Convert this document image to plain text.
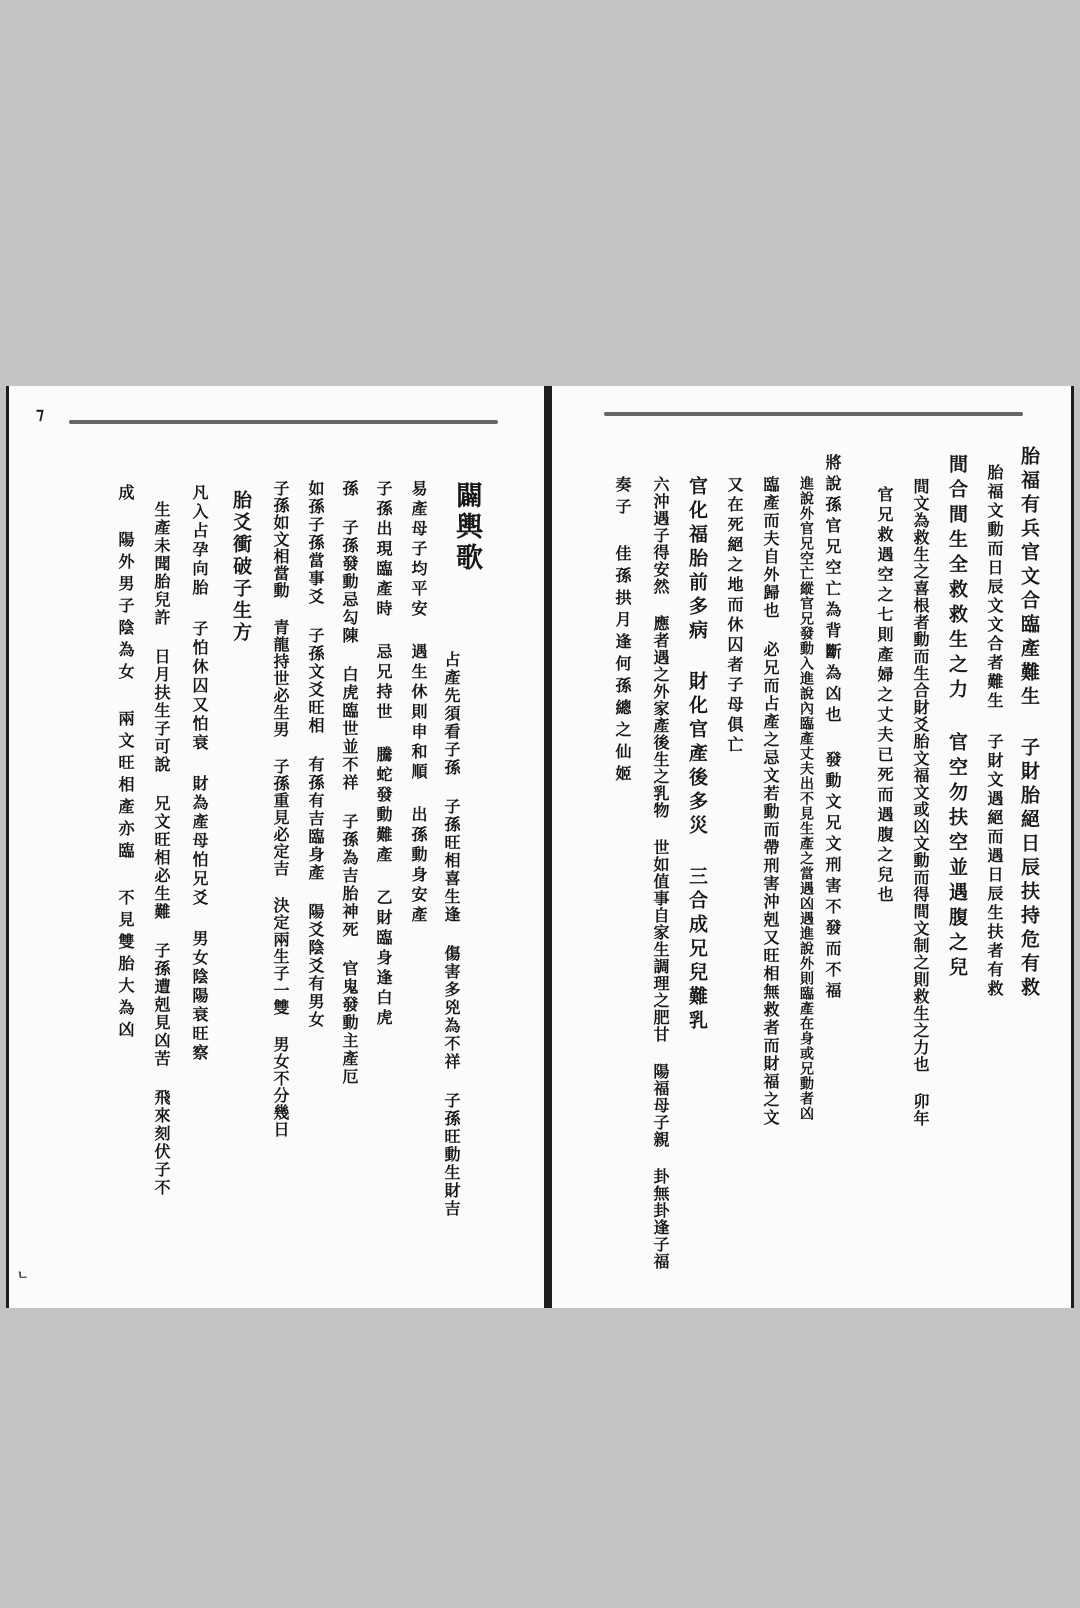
⁊
ㄴ
闢輿歌
占產先須看子孫 子孫旺相喜生逢 傷害多兇為不祥 子孫旺動生財吉
易產母子均平安 遇生休則申和順 出孫動身安產
子孫出現臨產時 忌兄持世 騰蛇發動難產 乙財臨身逢白虎
孫 子孫發動忌勾陳 白虎臨世並不祥 子孫為吉胎神死 官鬼發動主產厄
如孫子孫當事爻 子孫文爻旺相 有孫有吉臨身產 陽爻陰爻有男女
子孫如文相當動 青龍持世必生男 子孫重見必定吉 決定兩生子一雙 男女不分幾日
胎爻衝破子生方
凡入占孕向胎 子怕休囚又怕衰 財為產母怕兄爻 男女陰陽衰旺察
生產未聞胎兒許 日月扶生子可說 兄文旺相必生難 子孫遭剋見凶苦 飛來刻伏子不
成 陽外男子陰為女 兩文旺相產亦臨 不見雙胎大為凶	胎福有兵官文合臨產難生 子財胎絕日辰扶持危有救
胎福文動而日辰文文合者難生 子財文遇絕而遇日辰生扶者有救
間合間生全救救生之力 官空勿扶空並遇腹之兒
間文為救生之喜根者動而生合財爻胎文福文或凶文動而得間文制之則救生之力也 卯年
官兄救遇空之七則產婦之丈夫已死而遇腹之兒也
將說孫官兄空亡為背斷為凶也 發動文兄文刑害不發而不福
進說外官兄空亡縱官兄發動入進說內臨產丈夫出不見生產之當遇凶遇進說外則臨產在身或兄動者凶
臨產而夫自外歸也 必兄而占產之忌文若動而帶刑害沖剋又旺相無救者而財福之文
又在死絕之地而休囚者子母俱亡
官化福胎前多病 財化官產後多災 三合成兄兒難乳
六沖遇子得安然 應者遇之外家產後生之乳物 世如值事自家生調理之肥甘 陽福母子親 卦無卦逢子福
奏子 佳孫拱月逢何孫總之仙姬
